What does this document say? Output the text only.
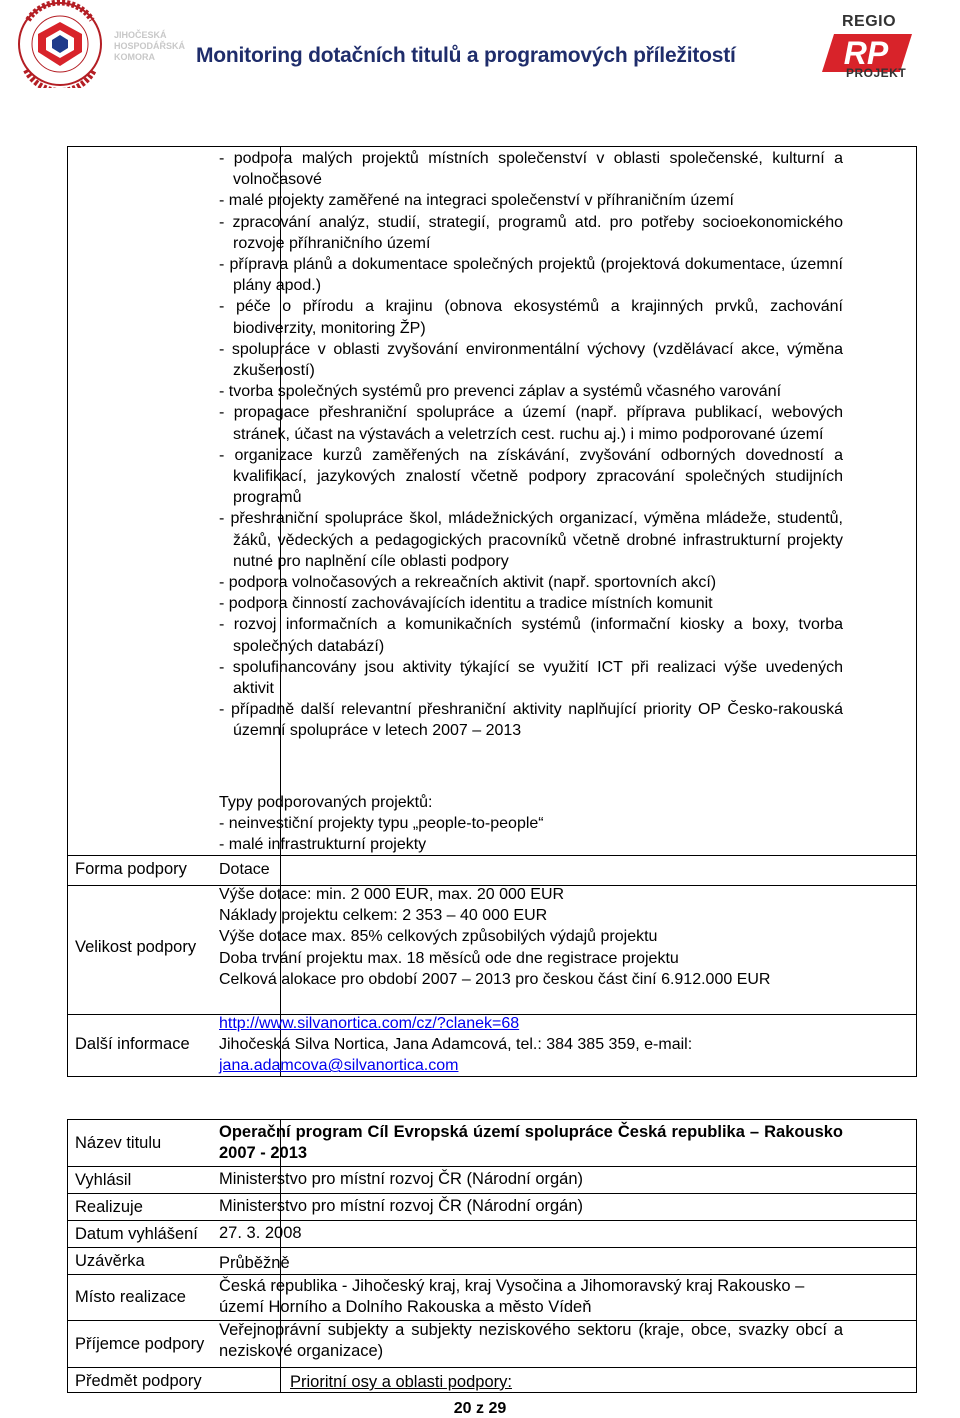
JIHOČESKÁ
HOSPODÁŘSKÁ
KOMORA	Monitoring dotačních titulů a programových příležitostí	RP
REGIO
PROJEKT
Forma podpory
Velikost podpory
Další informace

- podpora malých projektů místních společenství v oblasti společenské, kulturní a volnočasové

- malé projekty zaměřené na integraci společenství v příhraničním území

- zpracování analýz, studií, strategií, programů atd. pro potřeby socioekonomického rozvoje příhraničního území

- příprava plánů a dokumentace společných projektů (projektová dokumentace, územní plány apod.)

- péče o přírodu a krajinu (obnova ekosystémů a krajinných prvků, zachování biodiverzity, monitoring ŽP)

- spolupráce v oblasti zvyšování environmentální výchovy (vzdělávací akce, výměna zkušeností)

- tvorba společných systémů pro prevenci záplav a systémů včasného varování

- propagace přeshraniční spolupráce a území (např. příprava publikací, webových stránek, účast na výstavách a veletrzích cest. ruchu aj.) i mimo podporované území

- organizace kurzů zaměřených na získávání, zvyšování odborných dovedností a kvalifikací, jazykových znalostí včetně podpory zpracování společných studijních programů

- přeshraniční spolupráce škol, mládežnických organizací, výměna mládeže, studentů, žáků, vědeckých a pedagogických pracovníků včetně drobné infrastrukturní projekty nutné pro naplnění cíle oblasti podpory

- podpora volnočasových a rekreačních aktivit (např. sportovních akcí)

- podpora činností zachovávajících identitu a tradice místních komunit

- rozvoj informačních a komunikačních systémů (informační kiosky a boxy, tvorba společných databází)

- spolufinancovány jsou aktivity týkající se využití ICT při realizaci výše uvedených aktivit

- případně další relevantní přeshraniční aktivity naplňující priority OP Česko-rakouská územní spolupráce v letech 2007 – 2013

Typy podporovaných projektů:

- neinvestiční projekty typu „people-to-people“

- malé infrastrukturní projekty

Dotace

Výše dotace: min. 2 000 EUR, max. 20 000 EUR

Náklady projektu celkem: 2 353 – 40 000 EUR

Výše dotace max. 85% celkových způsobilých výdajů projektu

Doba trvání projektu max. 18 měsíců ode dne registrace projektu

Celková alokace pro období 2007 – 2013 pro českou část činí 6.912.000 EUR

http://www.silvanortica.com/cz/?clanek=68

Jihočeská Silva Nortica, Jana Adamcová, tel.: 384 385 359, e-mail:

jana.adamcova@silvanortica.com

Název titulu
Vyhlásil
Realizuje
Datum vyhlášení
Uzávěrka
Místo realizace
Příjemce podpory
Předmět podpory
Operační program Cíl Evropská území spolupráce Česká republika – Rakousko 2007 - 2013
Ministerstvo pro místní rozvoj ČR (Národní orgán)
Ministerstvo pro místní rozvoj ČR (Národní orgán)
27. 3. 2008
Průběžně
Česká republika - Jihočeský kraj, kraj Vysočina a Jihomoravský kraj Rakousko – území Horního a Dolního Rakouska a město Vídeň
Veřejnoprávní subjekty a subjekty neziskového sektoru (kraje, obce, svazky obcí a neziskové organizace)
Prioritní osy a oblasti podpory:
20 z 29
